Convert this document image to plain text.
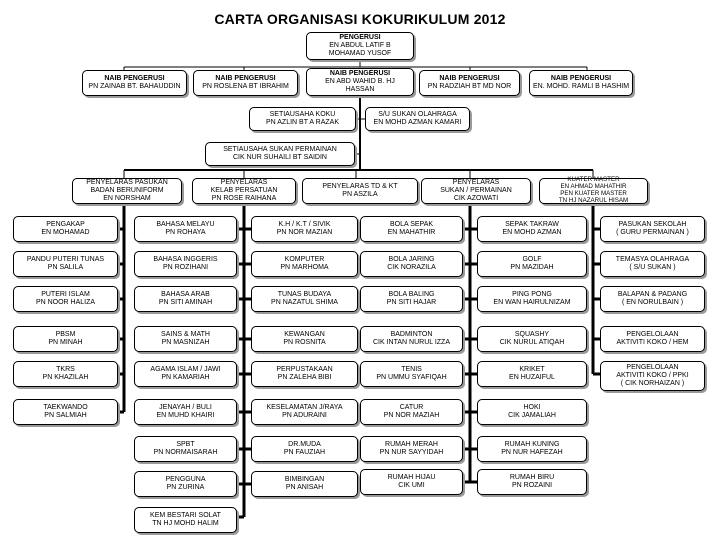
CARTA ORGANISASI KOKURIKULUM 2012
PENGERUSI
EN ABDUL LATIF B
MOHAMAD YUSOF
NAIB PENGERUSI
PN ZAINAB BT. BAHAUDDIN
NAIB PENGERUSI
PN ROSLENA BT IBRAHIM
NAIB PENGERUSI
EN ABD WAHID B. HJ
HASSAN
NAIB PENGERUSI
PN RADZIAH BT MD NOR
NAIB PENGERUSI
EN. MOHD. RAMLI B HASHIM
SETIAUSAHA KOKU
PN AZLIN BT A RAZAK
S/U SUKAN OLAHRAGA
EN MOHD AZMAN KAMARI
SETIAUSAHA SUKAN PERMAINAN
CIK NUR SUHAILI BT SAIDIN
PENYELARAS PASUKAN
BADAN BERUNIFORM
EN NORSHAM
PENYELARAS
KELAB PERSATUAN
PN ROSE RAIHANA
PENYELARAS TD & KT
PN ASZILA
PENYELARAS
SUKAN / PERMAINAN
CIK AZOWATI
KUATER MASTER
EN AHMAD MAHATHIR
PEN KUATER MASTER
TN HJ NAZARUL HISAM
PENGAKAP
EN MOHAMAD
PANDU PUTERI TUNAS
PN SALILA
PUTERI ISLAM
PN NOOR HALIZA
PBSM
PN MINAH
TKRS
PN KHAZILAH
TAEKWANDO
PN SALMIAH
BAHASA MELAYU
PN ROHAYA
BAHASA INGGERIS
PN ROZIHANI
BAHASA ARAB
PN SITI AMINAH
SAINS & MATH
PN MASNIZAH
AGAMA ISLAM / JAWI
PN KAMARIAH
JENAYAH / BULI
EN MUHD KHAIRI
SPBT
PN NORMAISARAH
PENGGUNA
PN ZURINA
KEM BESTARI SOLAT
TN HJ MOHD HALIM
K.H / K.T / SIVIK
PN NOR MAZIAN
KOMPUTER
PN MARHOMA
TUNAS BUDAYA
PN NAZATUL SHIMA
KEWANGAN
PN ROSNITA
PERPUSTAKAAN
PN ZALEHA BIBI
KESELAMATAN J/RAYA
PN ADURAINI
DR.MUDA
PN FAUZIAH
BIMBINGAN
PN ANISAH
BOLA SEPAK
EN MAHATHIR
BOLA JARING
CIK NORAZILA
BOLA BALING
PN SITI HAJAR
BADMINTON
CIK INTAN NURUL IZZA
TENIS
PN UMMU SYAFIQAH
CATUR
PN NOR MAZIAH
RUMAH MERAH
PN NUR SAYYIDAH
RUMAH HIJAU
CIK UMI
SEPAK TAKRAW
EN MOHD AZMAN
GOLF
PN MAZIDAH
PING PONG
EN WAN HAIRULNIZAM
SQUASHY
CIK NURUL ATIQAH
KRIKET
EN HUZAIFUL
HOKI
CIK JAMALIAH
RUMAH KUNING
PN NUR HAFEZAH
RUMAH BIRU
PN ROZAINI
PASUKAN SEKOLAH
( GURU PERMAINAN )
TEMASYA OLAHRAGA
( S/U SUKAN )
BALAPAN & PADANG
( EN NORULBAIN )
PENGELOLAAN
AKTIVITI KOKO / HEM
PENGELOLAAN
AKTIVITI KOKO / PPKI
( CIK NORHAIZAN )
